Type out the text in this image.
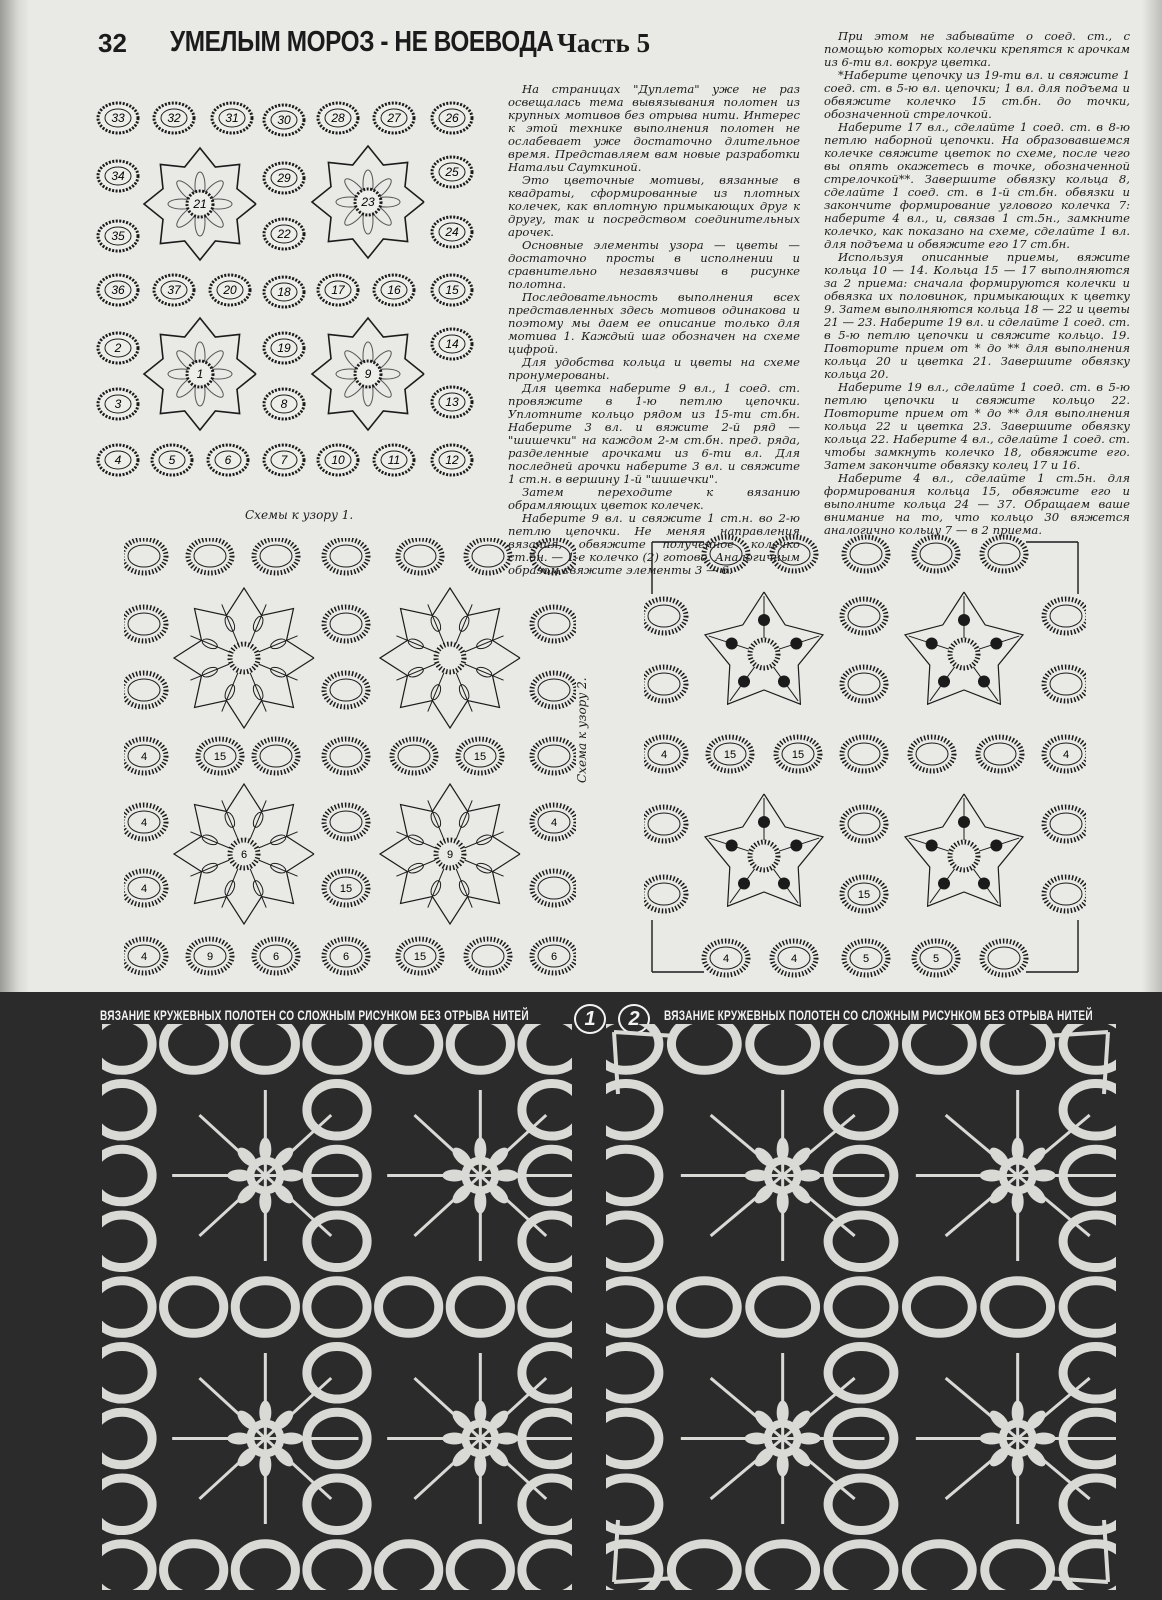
32 УМЕЛЫМ МОРОЗ - НЕ ВОЕВОДА Часть 5
33	32	31	30	28	27	26
34	29	25
35	22	24
36	37	20	18	17	16	15
2	19	14
3	8	13
4	5	6	7	10	11	12
21	23
1	9
Схемы к узору 1.

На страницах "Дуплета" уже не раз освещалась тема вывязывания полотен из крупных мотивов без отрыва нити. Интерес к этой технике выполнения полотен не ослабевает уже достаточно длительное время. Представляем вам новые разработки Натальи Сауткиной.

Это цветочные мотивы, вязанные в квадраты, сформированные из плотных колечек, как вплотную примыкающих друг к другу, так и посредством соединительных арочек.

Основные элементы узора — цветы — достаточно просты в исполнении и сравнительно незавязчивы в рисунке полотна.

Последовательность выполнения всех представленных здесь мотивов одинакова и поэтому мы даем ее описание только для мотива 1. Каждый шаг обозначен на схеме цифрой.

Для удобства кольца и цветы на схеме пронумерованы.

Для цветка наберите 9 вл., 1 соед. ст. провяжите в 1-ю петлю цепочки. Уплотните кольцо рядом из 15-ти ст.бн. Наберите 3 вл. и вяжите 2-й ряд — "шишечки" на каждом 2-м ст.бн. пред. ряда, разделенные арочками из 6-ти вл. Для последней арочки наберите 3 вл. и свяжите 1 ст.н. в вершину 1-й "шишечки".

Затем переходите к вязанию обрамляющих цветок колечек.

Наберите 9 вл. и свяжите 1 ст.н. во 2-ю петлю цепочки. Не меняя направления вязания, обвяжите полученное колечко ст.бн. — 1-е колечко (2) готово. Аналогичным образом свяжите элементы 3 — 6.

При этом не забывайте о соед. ст., с помощью которых колечки крепятся к арочкам из 6-ти вл. вокруг цветка.

*Наберите цепочку из 19-ти вл. и свяжите 1 соед. ст. в 5-ю вл. цепочки; 1 вл. для подъема и обвяжите колечко 15 ст.бн. до точки, обозначенной стрелочкой.

Наберите 17 вл., сделайте 1 соед. ст. в 8-ю петлю наборной цепочки. На образовавшемся колечке свяжите цветок по схеме, после чего вы опять окажетесь в точке, обозначенной стрелочкой**. Завершите обвязку кольца 8, сделайте 1 соед. ст. в 1-й ст.бн. обвязки и закончите формирование углового колечка 7: наберите 4 вл., и, связав 1 ст.5н., замкните колечко, как показано на схеме, сделайте 1 вл. для подъема и обвяжите его 17 ст.бн.

Используя описанные приемы, вяжите кольца 10 — 14. Кольца 15 — 17 выполняются за 2 приема: сначала формируются колечки и обвязка их половинок, примыкающих к цветку 9. Затем выполняются кольца 18 — 22 и цветы 21 — 23. Наберите 19 вл. и сделайте 1 соед. ст. в 5-ю петлю цепочки и свяжите кольцо. 19. Повторите прием от * до ** для выполнения кольца 20 и цветка 21. Завершите обвязку кольца 20.

Наберите 19 вл., сделайте 1 соед. ст. в 5-ю петлю цепочки и свяжите кольцо 22. Повторите прием от * до ** для выполнения кольца 22 и цветка 23. Завершите обвязку кольца 22. Наберите 4 вл., сделайте 1 соед. ст. чтобы замкнуть колечко 18, обвяжите его. Затем закончите обвязку колец 17 и 16.

Наберите 4 вл., сделайте 1 ст.5н. для формирования кольца 15, обвяжите его и выполните кольца 24 — 37. Обращаем ваше внимание на то, что кольцо 30 вяжется аналогично кольцу 7 — в 2 приема.

4	15	15
4	4
4	15
4	9	6	6	15	6
6	9
Схема к узору 2.	4	15	15	4
15
4	4	5	5
ВЯЗАНИЕ КРУЖЕВНЫХ ПОЛОТЕН СО СЛОЖНЫМ РИСУНКОМ БЕЗ ОТРЫВА НИТЕЙ	1	2	ВЯЗАНИЕ КРУЖЕВНЫХ ПОЛОТЕН СО СЛОЖНЫМ РИСУНКОМ БЕЗ ОТРЫВА НИТЕЙ
